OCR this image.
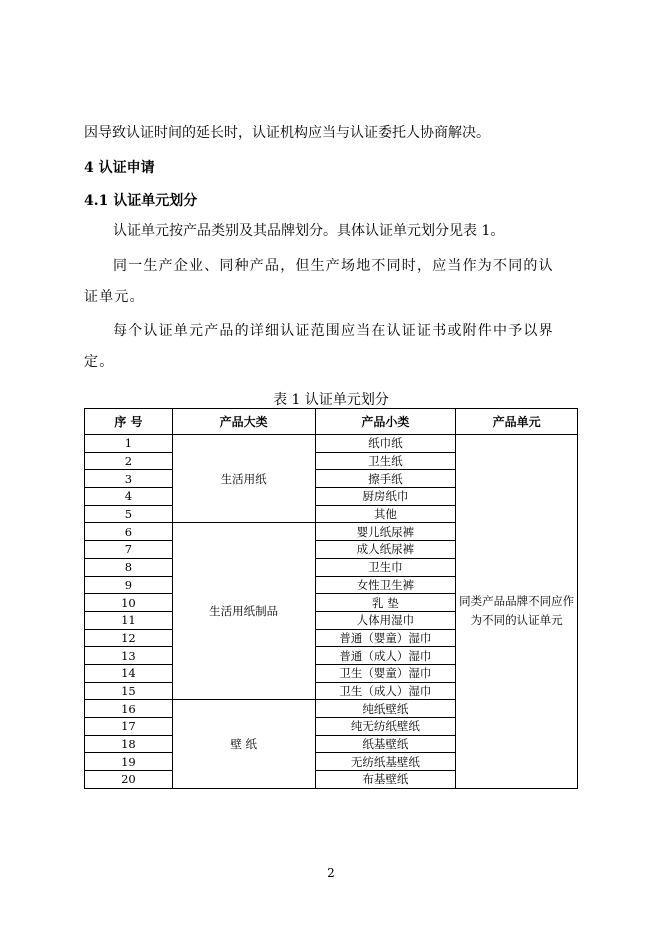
因导致认证时间的延长时，认证机构应当与认证委托人协商解决。
4 认证申请
4.1 认证单元划分
认证单元按产品类别及其品牌划分。具体认证单元划分见表 1。
同一生产企业、同种产品，但生产场地不同时，应当作为不同的认
证单元。
每个认证单元产品的详细认证范围应当在认证证书或附件中予以界
定。
表 1 认证单元划分
序 号	产品大类	产品小类	产品单元
1	生活用纸	纸巾纸	同类产品品牌不同应作为不同的认证单元
2		卫生纸	
3		擦手纸	
4		厨房纸巾	
5		其他	
6	生活用纸制品	婴儿纸尿裤	
7		成人纸尿裤	
8		卫生巾	
9		女性卫生裤	
10		乳 垫	
11		人体用湿巾	
12		普通（婴童）湿巾	
13		普通（成人）湿巾	
14		卫生（婴童）湿巾	
15		卫生（成人）湿巾	
16	壁 纸	纯纸壁纸	
17		纯无纺纸壁纸	
18		纸基壁纸	
19		无纺纸基壁纸	
20		布基壁纸	
2
